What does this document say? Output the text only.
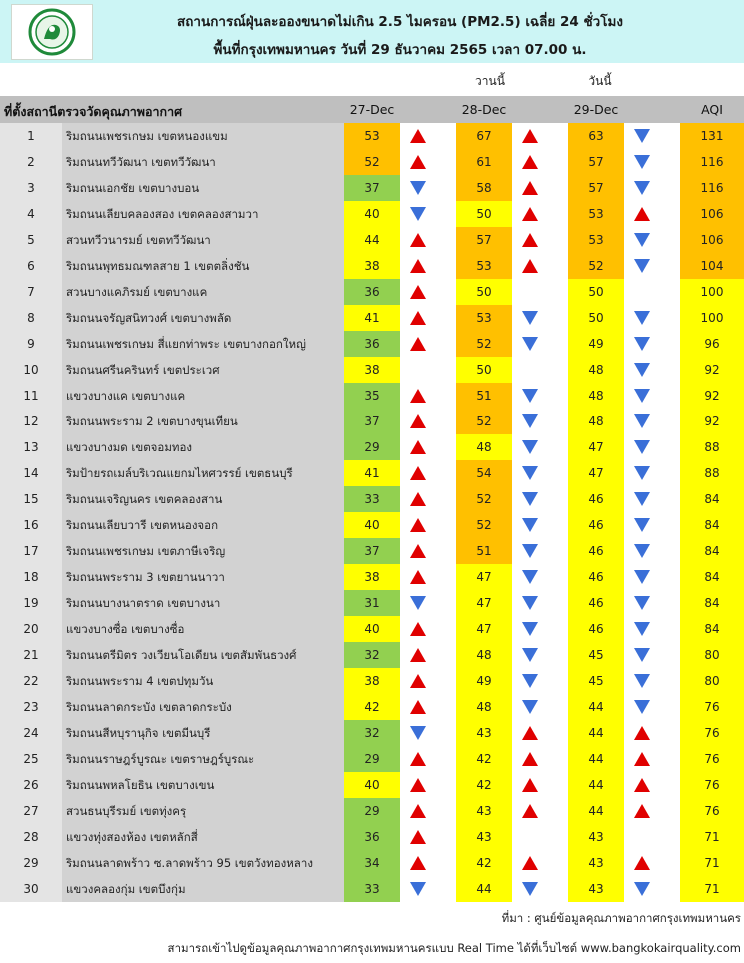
สถานการณ์ฝุ่นละอองขนาดไม่เกิน 2.5 ไมครอน (PM2.5) เฉลี่ย 24 ชั่วโมง
พื้นที่กรุงเทพมหานคร วันที่ 29 ธันวาคม 2565 เวลา 07.00 น.
วานนี้	วันนี้
ที่ตั้งสถานีตรวจวัดคุณภาพอากาศ	27-Dec	28-Dec	29-Dec	AQI
1	ริมถนนเพชรเกษม เขตหนองแขม	53	67	63	131
2	ริมถนนทวีวัฒนา เขตทวีวัฒนา	52	61	57	116
3	ริมถนนเอกชัย เขตบางบอน	37	58	57	116
4	ริมถนนเลียบคลองสอง เขตคลองสามวา	40	50	53	106
5	สวนทวีวนารมย์ เขตทวีวัฒนา	44	57	53	106
6	ริมถนนพุทธมณฑลสาย 1 เขตตลิ่งชัน	38	53	52	104
7	สวนบางแคภิรมย์ เขตบางแค	36	50	50	100
8	ริมถนนจรัญสนิทวงศ์ เขตบางพลัด	41	53	50	100
9	ริมถนนเพชรเกษม สี่แยกท่าพระ เขตบางกอกใหญ่	36	52	49	96
10	ริมถนนศรีนครินทร์ เขตประเวศ	38	50	48	92
11	แขวงบางแค เขตบางแค	35	51	48	92
12	ริมถนนพระราม 2 เขตบางขุนเทียน	37	52	48	92
13	แขวงบางมด เขตจอมทอง	29	48	47	88
14	ริมป้ายรถเมล์บริเวณแยกมไหศวรรย์ เขตธนบุรี	41	54	47	88
15	ริมถนนเจริญนคร เขตคลองสาน	33	52	46	84
16	ริมถนนเลียบวารี เขตหนองจอก	40	52	46	84
17	ริมถนนเพชรเกษม เขตภาษีเจริญ	37	51	46	84
18	ริมถนนพระราม 3 เขตยานนาวา	38	47	46	84
19	ริมถนนบางนาตราด เขตบางนา	31	47	46	84
20	แขวงบางซื่อ เขตบางซื่อ	40	47	46	84
21	ริมถนนตรีมิตร วงเวียนโอเดียน เขตสัมพันธวงศ์	32	48	45	80
22	ริมถนนพระราม 4 เขตปทุมวัน	38	49	45	80
23	ริมถนนลาดกระบัง เขตลาดกระบัง	42	48	44	76
24	ริมถนนสีหบุรานุกิจ เขตมีนบุรี	32	43	44	76
25	ริมถนนราษฎร์บูรณะ เขตราษฎร์บูรณะ	29	42	44	76
26	ริมถนนพหลโยธิน เขตบางเขน	40	42	44	76
27	สวนธนบุรีรมย์ เขตทุ่งครุ	29	43	44	76
28	แขวงทุ่งสองห้อง เขตหลักสี่	36	43	43	71
29	ริมถนนลาดพร้าว ซ.ลาดพร้าว 95 เขตวังทองหลาง	34	42	43	71
30	แขวงคลองกุ่ม เขตบึงกุ่ม	33	44	43	71
ที่มา : ศูนย์ข้อมูลคุณภาพอากาศกรุงเทพมหานคร
สามารถเข้าไปดูข้อมูลคุณภาพอากาศกรุงเทพมหานครแบบ Real Time ได้ที่เว็บไซต์ www.bangkokairquality.com
